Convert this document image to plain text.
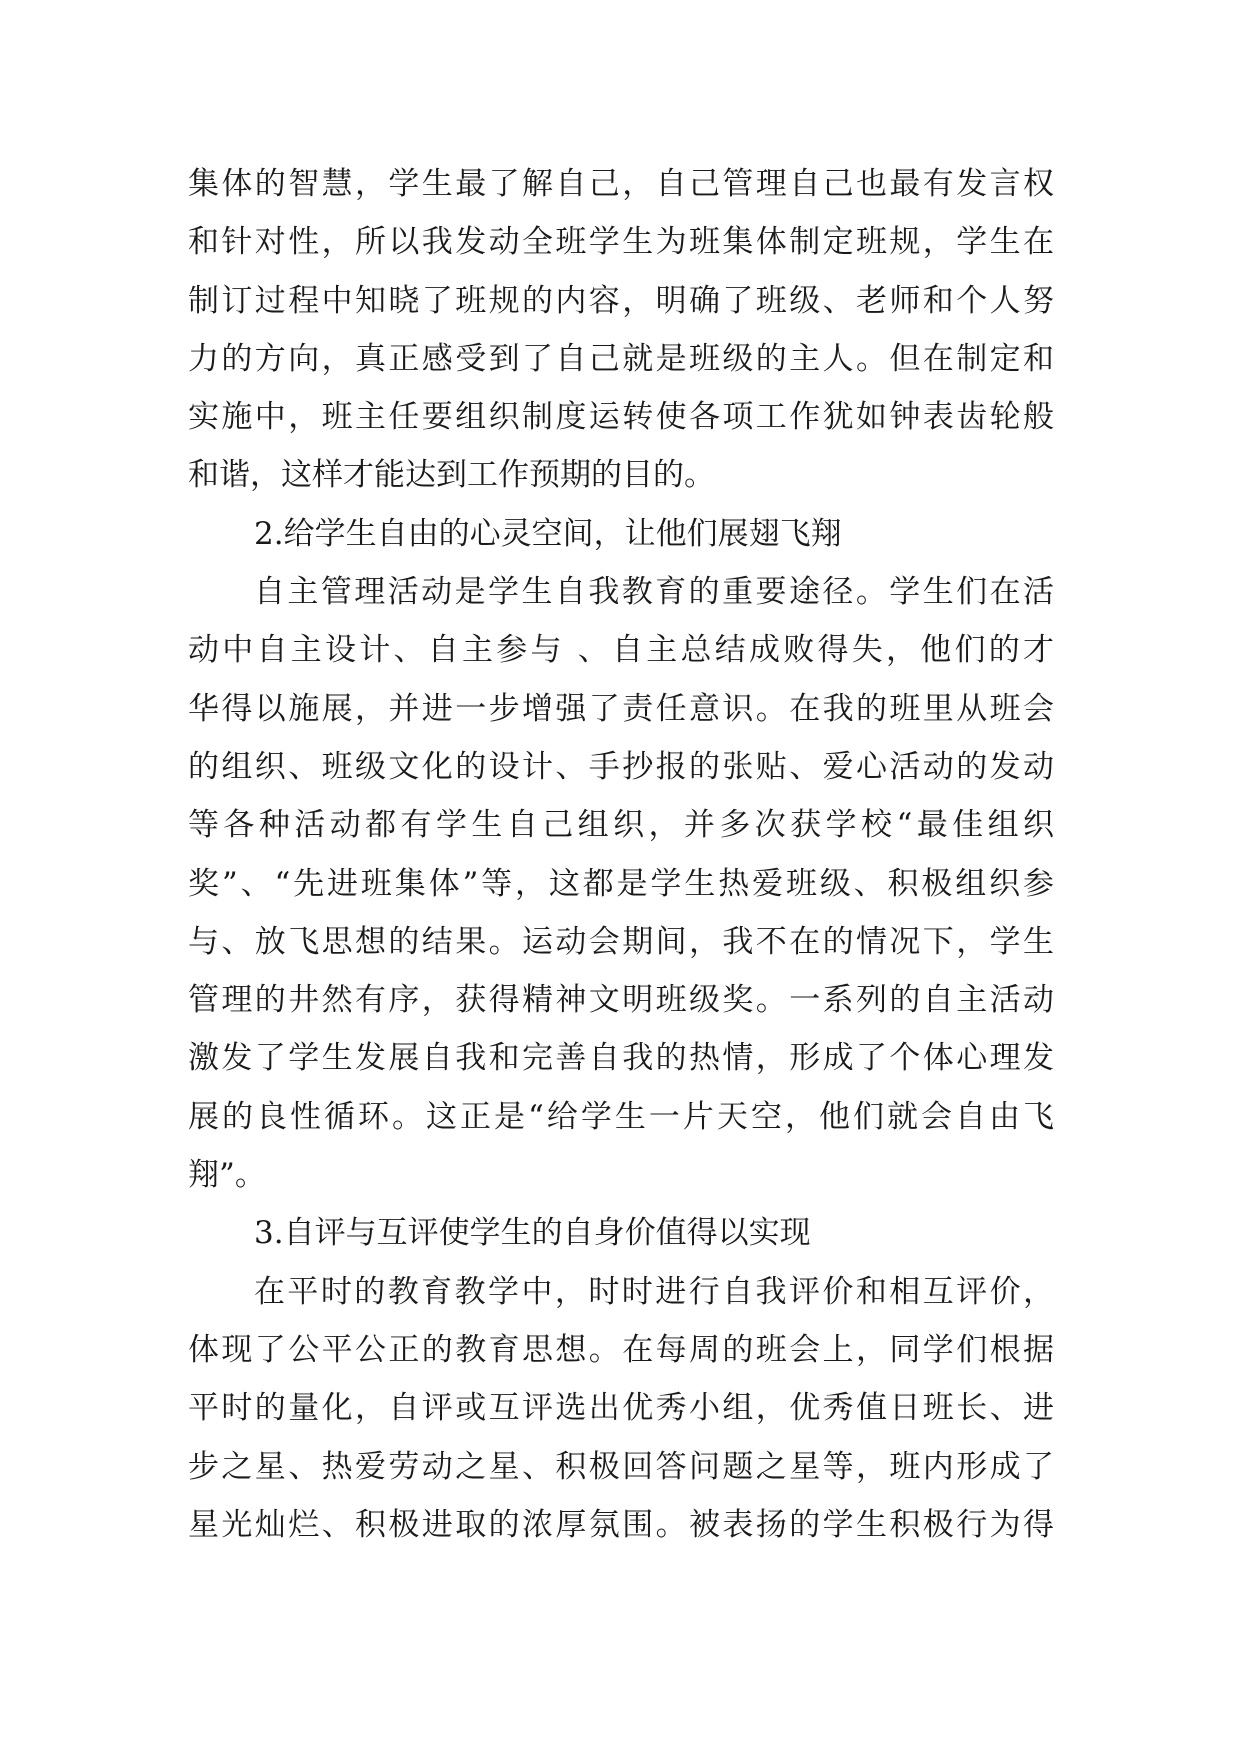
集体的智慧，学生最了解自己，自己管理自己也最有发言权
和针对性，所以我发动全班学生为班集体制定班规，学生在
制订过程中知晓了班规的内容，明确了班级、老师和个人努
力的方向，真正感受到了自己就是班级的主人。但在制定和
实施中，班主任要组织制度运转使各项工作犹如钟表齿轮般
和谐，这样才能达到工作预期的目的。
2.给学生自由的心灵空间，让他们展翅飞翔
自主管理活动是学生自我教育的重要途径。学生们在活
动中自主设计、自主参与 、自主总结成败得失，他们的才
华得以施展，并进一步增强了责任意识。在我的班里从班会
的组织、班级文化的设计、手抄报的张贴、爱心活动的发动
等各种活动都有学生自己组织，并多次获学校“最佳组织
奖”、“先进班集体”等，这都是学生热爱班级、积极组织参
与、放飞思想的结果。运动会期间，我不在的情况下，学生
管理的井然有序，获得精神文明班级奖。一系列的自主活动
激发了学生发展自我和完善自我的热情，形成了个体心理发
展的良性循环。这正是“给学生一片天空，他们就会自由飞
翔”。
3.自评与互评使学生的自身价值得以实现
在平时的教育教学中，时时进行自我评价和相互评价，
体现了公平公正的教育思想。在每周的班会上，同学们根据
平时的量化，自评或互评选出优秀小组，优秀值日班长、进
步之星、热爱劳动之星、积极回答问题之星等，班内形成了
星光灿烂、积极进取的浓厚氛围。被表扬的学生积极行为得
